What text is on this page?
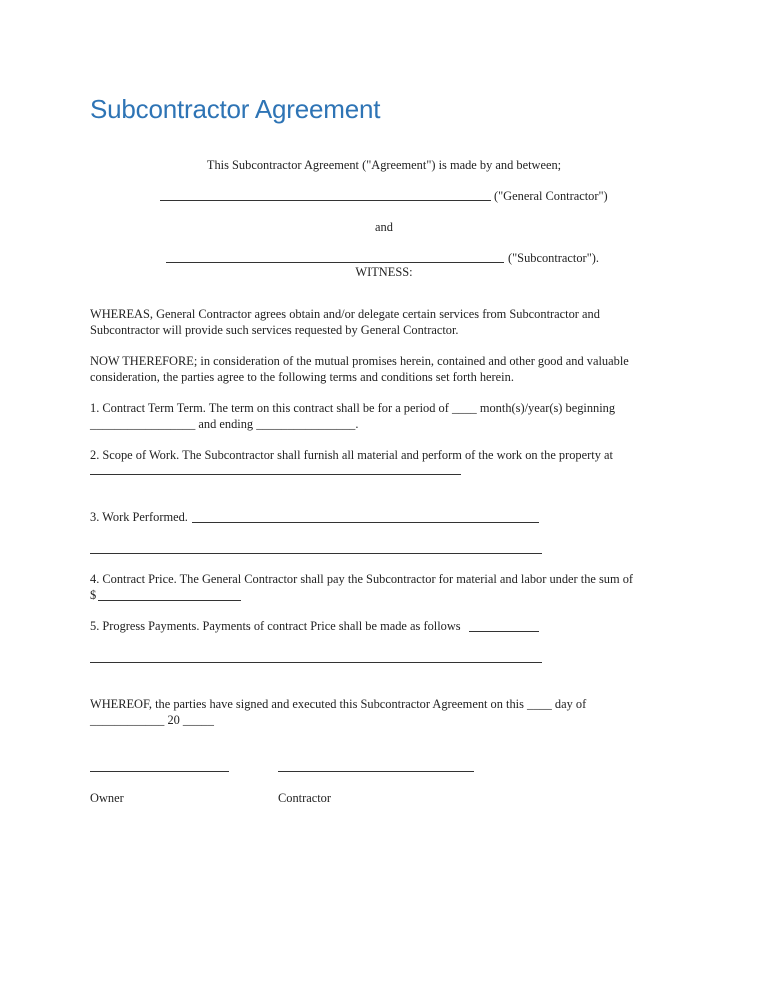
Subcontractor Agreement
This Subcontractor Agreement ("Agreement") is made by and between;
("General Contractor")
and
("Subcontractor").
WITNESS:
WHEREAS, General Contractor agrees obtain and/or delegate certain services from Subcontractor and
Subcontractor will provide such services requested by General Contractor.
NOW THEREFORE; in consideration of the mutual promises herein, contained and other good and valuable
consideration, the parties agree to the following terms and conditions set forth herein.
1. Contract Term Term. The term on this contract shall be for a period of ____ month(s)/year(s) beginning
_________________ and ending ________________.
2. Scope of Work. The Subcontractor shall furnish all material and perform of the work on the property at
3. Work Performed.
4. Contract Price. The General Contractor shall pay the Subcontractor for material and labor under the sum of
$
5. Progress Payments. Payments of contract Price shall be made as follows
WHEREOF, the parties have signed and executed this Subcontractor Agreement on this ____ day of
____________ 20 _____
Owner	Contractor
